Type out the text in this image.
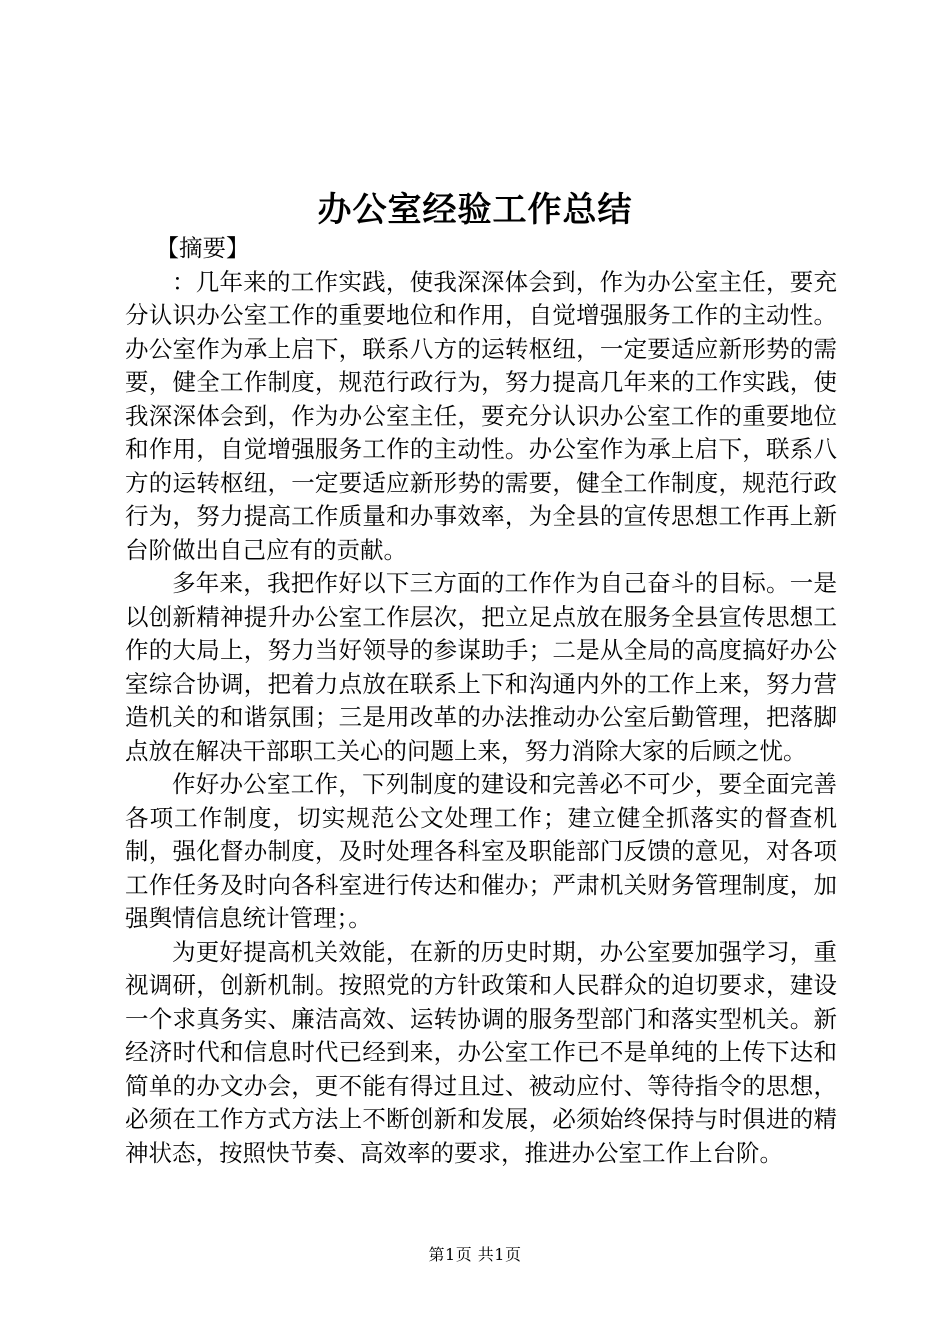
办公室经验工作总结

【摘要】

：几年来的工作实践，使我深深体会到，作为办公室主任，要充分认识办公室工作的重要地位和作用，自觉增强服务工作的主动性。办公室作为承上启下，联系八方的运转枢纽，一定要适应新形势的需要，健全工作制度，规范行政行为，努力提高几年来的工作实践，使我深深体会到，作为办公室主任，要充分认识办公室工作的重要地位和作用，自觉增强服务工作的主动性。办公室作为承上启下，联系八方的运转枢纽，一定要适应新形势的需要，健全工作制度，规范行政行为，努力提高工作质量和办事效率，为全县的宣传思想工作再上新台阶做出自己应有的贡献。

多年来，我把作好以下三方面的工作作为自己奋斗的目标。一是以创新精神提升办公室工作层次，把立足点放在服务全县宣传思想工作的大局上，努力当好领导的参谋助手；二是从全局的高度搞好办公室综合协调，把着力点放在联系上下和沟通内外的工作上来，努力营造机关的和谐氛围；三是用改革的办法推动办公室后勤管理，把落脚点放在解决干部职工关心的问题上来，努力消除大家的后顾之忧。

作好办公室工作，下列制度的建设和完善必不可少，要全面完善各项工作制度，切实规范公文处理工作；建立健全抓落实的督查机制，强化督办制度，及时处理各科室及职能部门反馈的意见，对各项工作任务及时向各科室进行传达和催办；严肃机关财务管理制度，加强舆情信息统计管理；。

为更好提高机关效能，在新的历史时期，办公室要加强学习，重视调研，创新机制。按照党的方针政策和人民群众的迫切要求，建设一个求真务实、廉洁高效、运转协调的服务型部门和落实型机关。新经济时代和信息时代已经到来，办公室工作已不是单纯的上传下达和简单的办文办会，更不能有得过且过、被动应付、等待指令的思想，必须在工作方式方法上不断创新和发展，必须始终保持与时俱进的精神状态，按照快节奏、高效率的要求，推进办公室工作上台阶。

第1页 共1页
